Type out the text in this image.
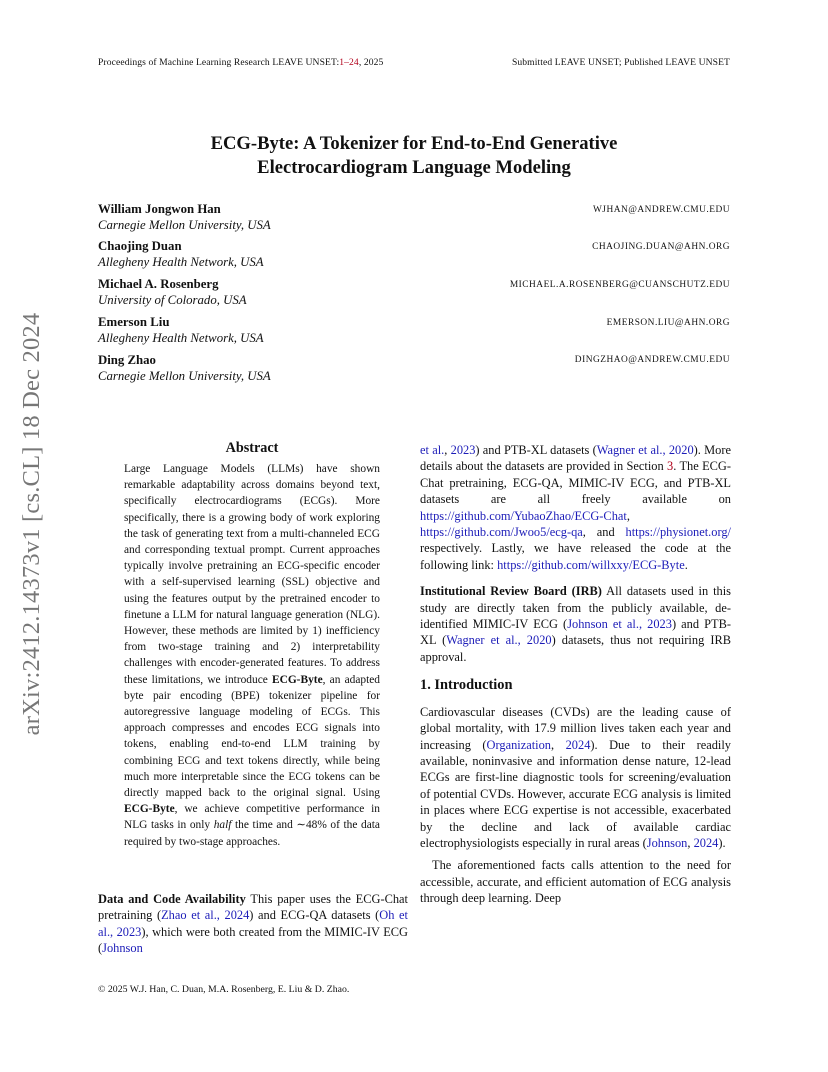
Proceedings of Machine Learning Research LEAVE UNSET:1–24, 2025	Submitted LEAVE UNSET; Published LEAVE UNSET
ECG-Byte: A Tokenizer for End-to-End Generative
Electrocardiogram Language Modeling
William Jongwon Han
Carnegie Mellon University, USA
WJHAN@ANDREW.CMU.EDU
Chaojing Duan
Allegheny Health Network, USA
CHAOJING.DUAN@AHN.ORG
Michael A. Rosenberg
University of Colorado, USA
MICHAEL.A.ROSENBERG@CUANSCHUTZ.EDU
Emerson Liu
Allegheny Health Network, USA
EMERSON.LIU@AHN.ORG
Ding Zhao
Carnegie Mellon University, USA
DINGZHAO@ANDREW.CMU.EDU
arXiv:2412.14373v1 [cs.CL] 18 Dec 2024	Abstract
Large Language Models (LLMs) have shown remarkable adaptability across domains beyond text, specifically electrocardiograms (ECGs). More specifically, there is a growing body of work exploring the task of generating text from a multi-channeled ECG and corresponding textual prompt. Current approaches typically involve pretraining an ECG-specific encoder with a self-supervised learning (SSL) objective and using the features output by the pretrained encoder to finetune a LLM for natural language generation (NLG). However, these methods are limited by 1) inefficiency from two-stage training and 2) interpretability challenges with encoder-generated features. To address these limitations, we introduce ECG-Byte, an adapted byte pair encoding (BPE) tokenizer pipeline for autoregressive language modeling of ECGs. This approach compresses and encodes ECG signals into tokens, enabling end-to-end LLM training by combining ECG and text tokens directly, while being much more interpretable since the ECG tokens can be directly mapped back to the original signal. Using ECG-Byte, we achieve competitive performance in NLG tasks in only half the time and ∼48% of the data required by two-stage approaches.
Data and Code Availability This paper uses the ECG-Chat pretraining (Zhao et al., 2024) and ECG-QA datasets (Oh et al., 2023), which were both created from the MIMIC-IV ECG (Johnson
et al., 2023) and PTB-XL datasets (Wagner et al., 2020). More details about the datasets are provided in Section 3. The ECG-Chat pretraining, ECG-QA, MIMIC-IV ECG, and PTB-XL datasets are all freely available on https://github.com/YubaoZhao/ECG-Chat, https://github.com/Jwoo5/ecg-qa, and https://physionet.org/ respectively. Lastly, we have released the code at the following link: https://github.com/willxxy/ECG-Byte.
Institutional Review Board (IRB) All datasets used in this study are directly taken from the publicly available, de-identified MIMIC-IV ECG (Johnson et al., 2023) and PTB-XL (Wagner et al., 2020) datasets, thus not requiring IRB approval.
1. Introduction
Cardiovascular diseases (CVDs) are the leading cause of global mortality, with 17.9 million lives taken each year and increasing (Organization, 2024). Due to their readily available, noninvasive and information dense nature, 12-lead ECGs are first-line diagnostic tools for screening/evaluation of potential CVDs. However, accurate ECG analysis is limited in places where ECG expertise is not accessible, exacerbated by the decline and lack of available cardiac electrophysiologists especially in rural areas (Johnson, 2024).
The aforementioned facts calls attention to the need for accessible, accurate, and efficient automation of ECG analysis through deep learning. Deep
© 2025 W.J. Han, C. Duan, M.A. Rosenberg, E. Liu & D. Zhao.
